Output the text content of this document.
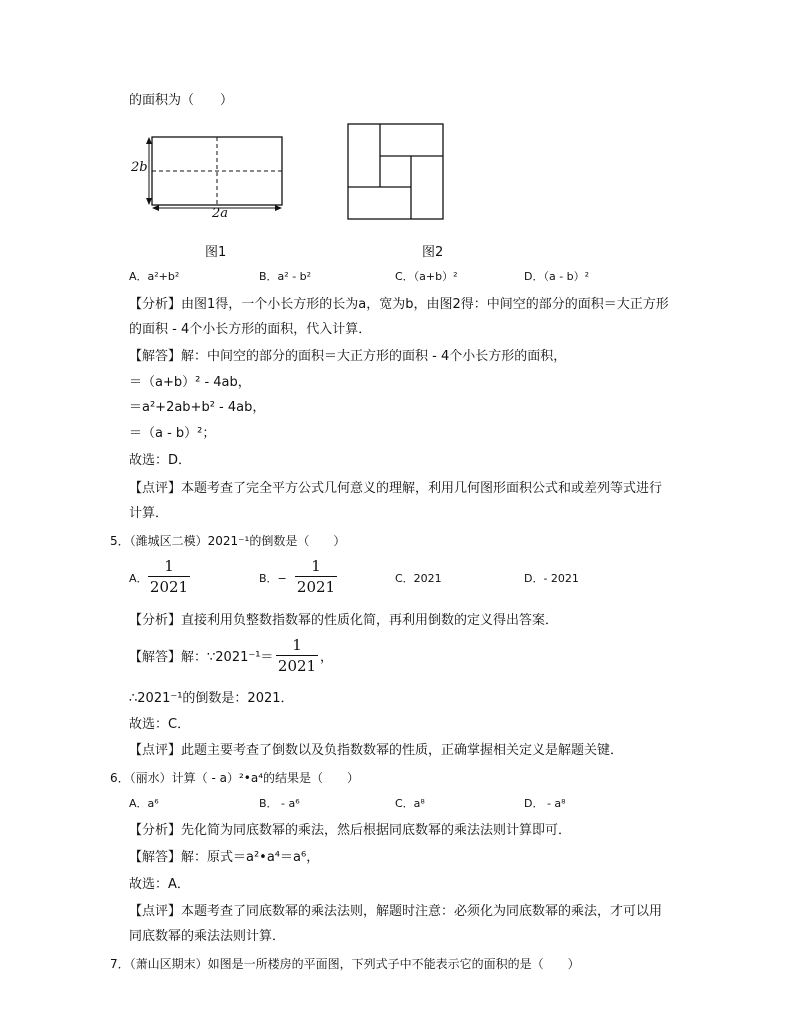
的面积为（　　）
2b
2a
图1	图2
A．a²+b²	B．a² - b²	C．（a+b）²	D．（a - b）²
【分析】由图1得，一个小长方形的长为a，宽为b，由图2得：中间空的部分的面积＝大正方形
的面积 - 4个小长方形的面积，代入计算．
【解答】解：中间空的部分的面积＝大正方形的面积 - 4个小长方形的面积，
＝（a+b）² - 4ab，
＝a²+2ab+b² - 4ab，
＝（a - b）²；
故选：D．
【点评】本题考查了完全平方公式几何意义的理解，利用几何图形面积公式和或差列等式进行
计算．
5．（潍城区二模）2021⁻¹的倒数是（　　）
A．
1
2021	B．−
1
2021	C．2021	D．- 2021
【分析】直接利用负整数指数幂的性质化简，再利用倒数的定义得出答案．
【解答】解：∵2021⁻¹＝
1
2021 ，
∴2021⁻¹的倒数是：2021．
故选：C．
【点评】此题主要考查了倒数以及负指数数幂的性质，正确掌握相关定义是解题关键．
6．（丽水）计算（ - a）²•a⁴的结果是（　　）
A．a⁶	B． - a⁶	C．a⁸	D． - a⁸
【分析】先化简为同底数幂的乘法，然后根据同底数幂的乘法法则计算即可．
【解答】解：原式＝a²•a⁴＝a⁶，
故选：A．
【点评】本题考查了同底数幂的乘法法则，解题时注意：必须化为同底数幂的乘法，才可以用
同底数幂的乘法法则计算．
7．（萧山区期末）如图是一所楼房的平面图，下列式子中不能表示它的面积的是（　　）
